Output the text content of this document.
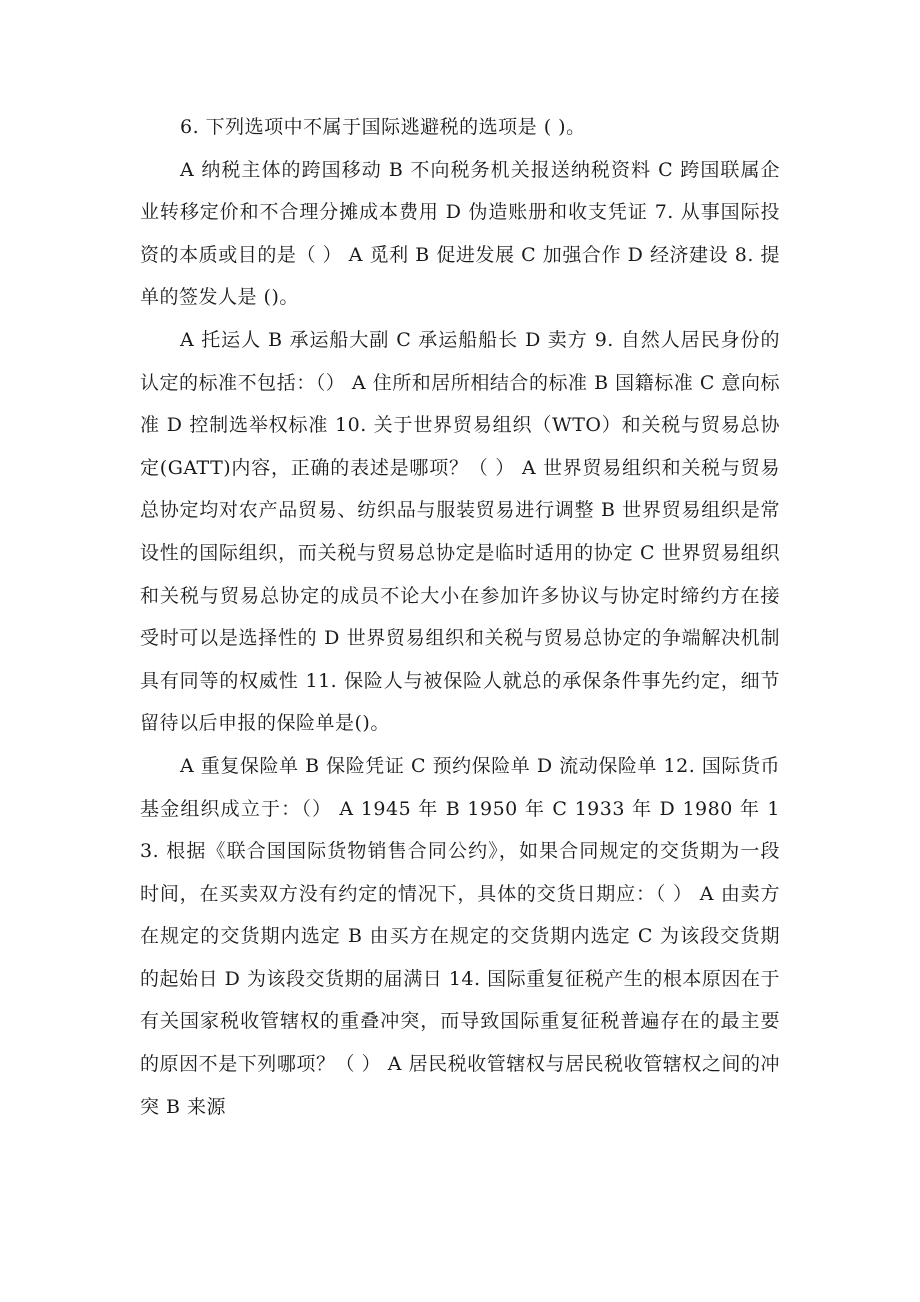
6. 下列选项中不属于国际逃避税的选项是 ( )。

A 纳税主体的跨国移动 B 不向税务机关报送纳税资料 C 跨国联属企业转移定价和不合理分摊成本费用 D 伪造账册和收支凭证 7. 从事国际投资的本质或目的是（ ） A 觅利 B 促进发展 C 加强合作 D 经济建设 8. 提单的签发人是 ()。

A 托运人 B 承运船大副 C 承运船船长 D 卖方 9. 自然人居民身份的认定的标准不包括：（） A 住所和居所相结合的标准 B 国籍标准 C 意向标准 D 控制选举权标准 10. 关于世界贸易组织（WTO）和关税与贸易总协定(GATT)内容，正确的表述是哪项？（ ） A 世界贸易组织和关税与贸易总协定均对农产品贸易、纺织品与服装贸易进行调整 B 世界贸易组织是常设性的国际组织，而关税与贸易总协定是临时适用的协定 C 世界贸易组织和关税与贸易总协定的成员不论大小在参加许多协议与协定时缔约方在接受时可以是选择性的 D 世界贸易组织和关税与贸易总协定的争端解决机制具有同等的权威性 11. 保险人与被保险人就总的承保条件事先约定，细节留待以后申报的保险单是()。

A 重复保险单 B 保险凭证 C 预约保险单 D 流动保险单 12. 国际货币基金组织成立于：（） A 1945 年 B 1950 年 C 1933 年 D 1980 年 13. 根据《联合国国际货物销售合同公约》，如果合同规定的交货期为一段时间，在买卖双方没有约定的情况下，具体的交货日期应：（ ） A 由卖方在规定的交货期内选定 B 由买方在规定的交货期内选定 C 为该段交货期的起始日 D 为该段交货期的届满日 14. 国际重复征税产生的根本原因在于有关国家税收管辖权的重叠冲突，而导致国际重复征税普遍存在的最主要的原因不是下列哪项？（ ） A 居民税收管辖权与居民税收管辖权之间的冲突 B 来源
